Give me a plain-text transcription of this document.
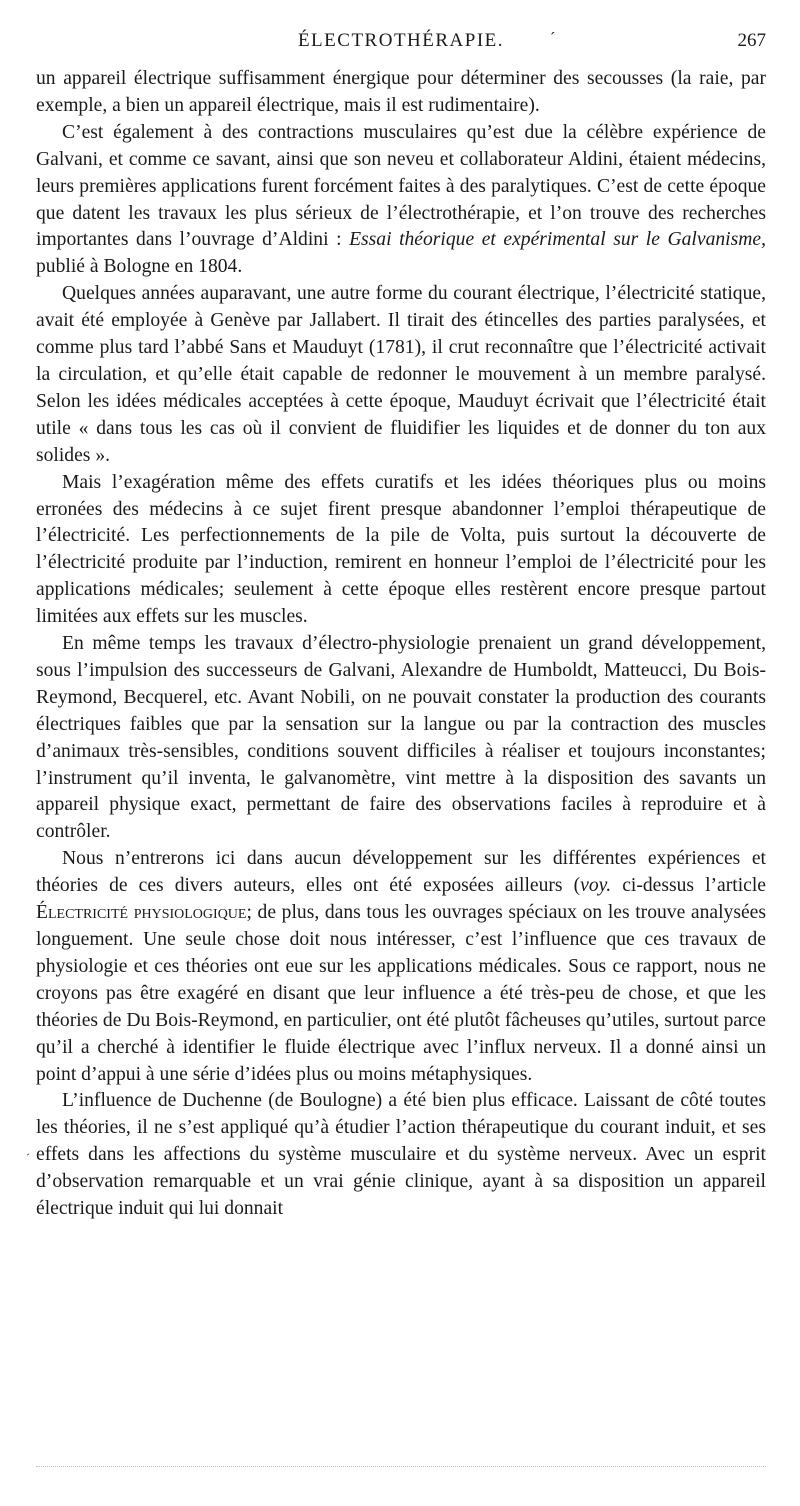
ÉLECTROTHÉRAPIE.	267
ˊ
ˊ

un appareil électrique suffisamment énergique pour déterminer des secousses (la raie, par exemple, a bien un appareil électrique, mais il est rudimentaire).

C’est également à des contractions musculaires qu’est due la célèbre expérience de Galvani, et comme ce savant, ainsi que son neveu et collaborateur Aldini, étaient médecins, leurs premières applications furent forcément faites à des paralytiques. C’est de cette époque que datent les travaux les plus sérieux de l’électrothérapie, et l’on trouve des recherches importantes dans l’ouvrage d’Aldini : Essai théorique et expérimental sur le Galvanisme, publié à Bologne en 1804.

Quelques années auparavant, une autre forme du courant électrique, l’électricité statique, avait été employée à Genève par Jallabert. Il tirait des étincelles des parties paralysées, et comme plus tard l’abbé Sans et Mauduyt (1781), il crut reconnaître que l’électricité activait la circulation, et qu’elle était capable de redonner le mouvement à un membre paralysé. Selon les idées médicales acceptées à cette époque, Mauduyt écrivait que l’électricité était utile « dans tous les cas où il convient de fluidifier les liquides et de donner du ton aux solides ».

Mais l’exagération même des effets curatifs et les idées théoriques plus ou moins erronées des médecins à ce sujet firent presque abandonner l’emploi thérapeutique de l’électricité. Les perfectionnements de la pile de Volta, puis surtout la découverte de l’électricité produite par l’induction, remirent en honneur l’emploi de l’électricité pour les applications médicales; seulement à cette époque elles restèrent encore presque partout limitées aux effets sur les muscles.

En même temps les travaux d’électro-physiologie prenaient un grand développement, sous l’impulsion des successeurs de Galvani, Alexandre de Humboldt, Matteucci, Du Bois-Reymond, Becquerel, etc. Avant Nobili, on ne pouvait constater la production des courants électriques faibles que par la sensation sur la langue ou par la contraction des muscles d’animaux très-sensibles, conditions souvent difficiles à réaliser et toujours inconstantes; l’instrument qu’il inventa, le galvanomètre, vint mettre à la disposition des savants un appareil physique exact, permettant de faire des observations faciles à reproduire et à contrôler.

Nous n’entrerons ici dans aucun développement sur les différentes expériences et théories de ces divers auteurs, elles ont été exposées ailleurs (voy. ci-dessus l’article Électricité physiologique; de plus, dans tous les ouvrages spéciaux on les trouve analysées longuement. Une seule chose doit nous intéresser, c’est l’influence que ces travaux de physiologie et ces théories ont eue sur les applications médicales. Sous ce rapport, nous ne croyons pas être exagéré en disant que leur influence a été très-peu de chose, et que les théories de Du Bois-Reymond, en particulier, ont été plutôt fâcheuses qu’utiles, surtout parce qu’il a cherché à identifier le fluide électrique avec l’influx nerveux. Il a donné ainsi un point d’appui à une série d’idées plus ou moins métaphysiques.

L’influence de Duchenne (de Boulogne) a été bien plus efficace. Laissant de côté toutes les théories, il ne s’est appliqué qu’à étudier l’action thérapeutique du courant induit, et ses effets dans les affections du système musculaire et du système nerveux. Avec un esprit d’observation remarquable et un vrai génie clinique, ayant à sa disposition un appareil électrique induit qui lui donnait
